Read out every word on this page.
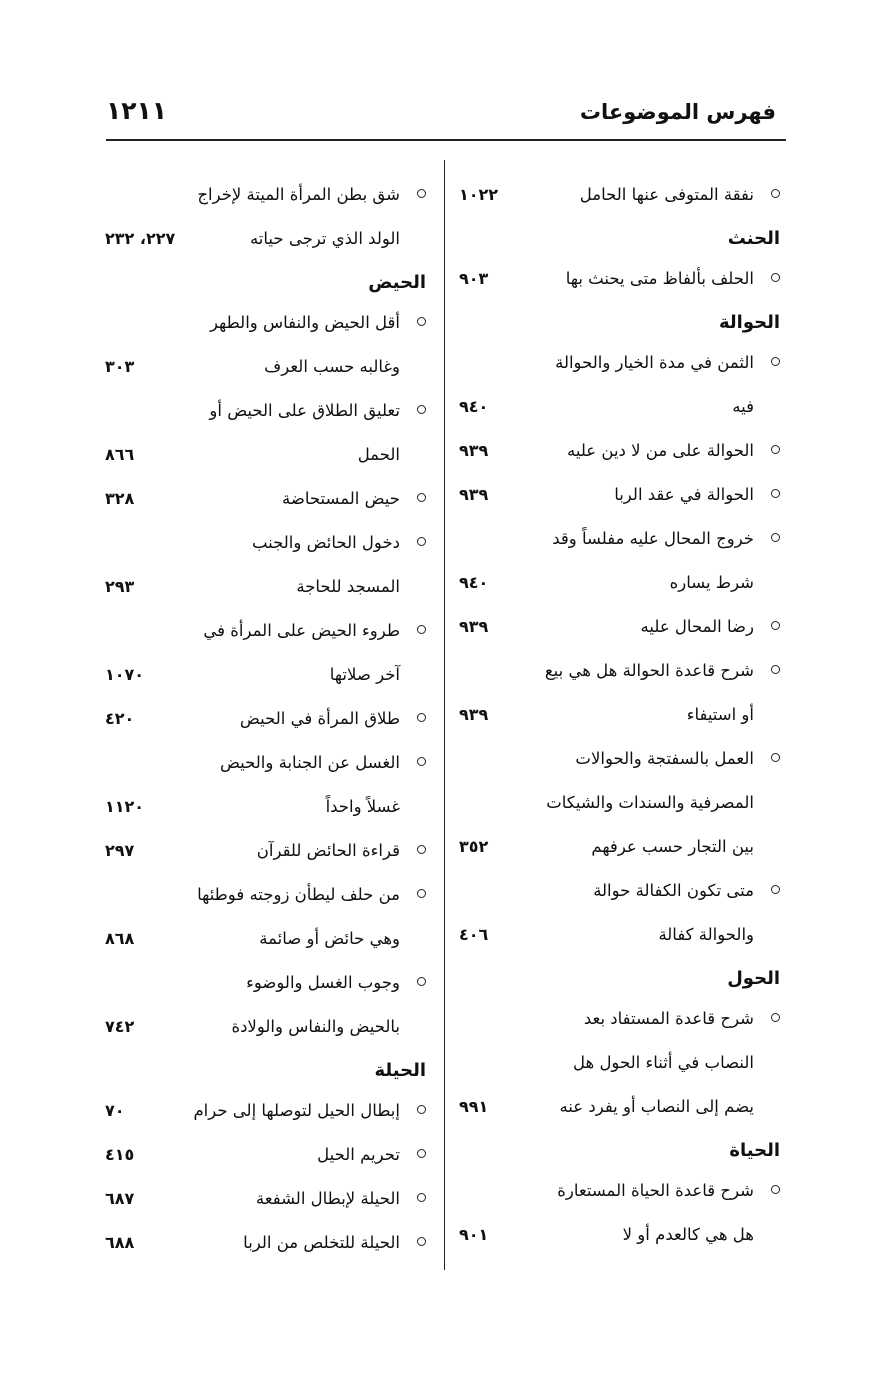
فهرس الموضوعات
١٢١١
نفقة المتوفى عنها الحامل
١٠٢٢
الحنث
الحلف بألفاظ متى يحنث بها
٩٠٣
الحوالة
الثمن في مدة الخيار والحوالة
فيه
٩٤٠
الحوالة على من لا دين عليه
٩٣٩
الحوالة في عقد الربا
٩٣٩
خروج المحال عليه مفلساً وقد
شرط يساره
٩٤٠
رضا المحال عليه
٩٣٩
شرح قاعدة الحوالة هل هي بيع
أو استيفاء
٩٣٩
العمل بالسفتجة والحوالات
المصرفية والسندات والشيكات
بين التجار حسب عرفهم
٣٥٢
متى تكون الكفالة حوالة
والحوالة كفالة
٤٠٦
الحول
شرح قاعدة المستفاد بعد
النصاب في أثناء الحول هل
يضم إلى النصاب أو يفرد عنه
٩٩١
الحياة
شرح قاعدة الحياة المستعارة
هل هي كالعدم أو لا
٩٠١
شق بطن المرأة الميتة لإخراج
الولد الذي ترجى حياته
٢٢٧، ٢٣٢
الحيض
أقل الحيض والنفاس والطهر
وغالبه حسب العرف
٣٠٣
تعليق الطلاق على الحيض أو
الحمل
٨٦٦
حيض المستحاضة
٣٢٨
دخول الحائض والجنب
المسجد للحاجة
٢٩٣
طروء الحيض على المرأة في
آخر صلاتها
١٠٧٠
طلاق المرأة في الحيض
٤٢٠
الغسل عن الجنابة والحيض
غسلاً واحداً
١١٢٠
قراءة الحائض للقرآن
٢٩٧
من حلف ليطأن زوجته فوطئها
وهي حائض أو صائمة
٨٦٨
وجوب الغسل والوضوء
بالحيض والنفاس والولادة
٧٤٢
الحيلة
إبطال الحيل لتوصلها إلى حرام
٧٠
تحريم الحيل
٤١٥
الحيلة لإبطال الشفعة
٦٨٧
الحيلة للتخلص من الربا
٦٨٨
